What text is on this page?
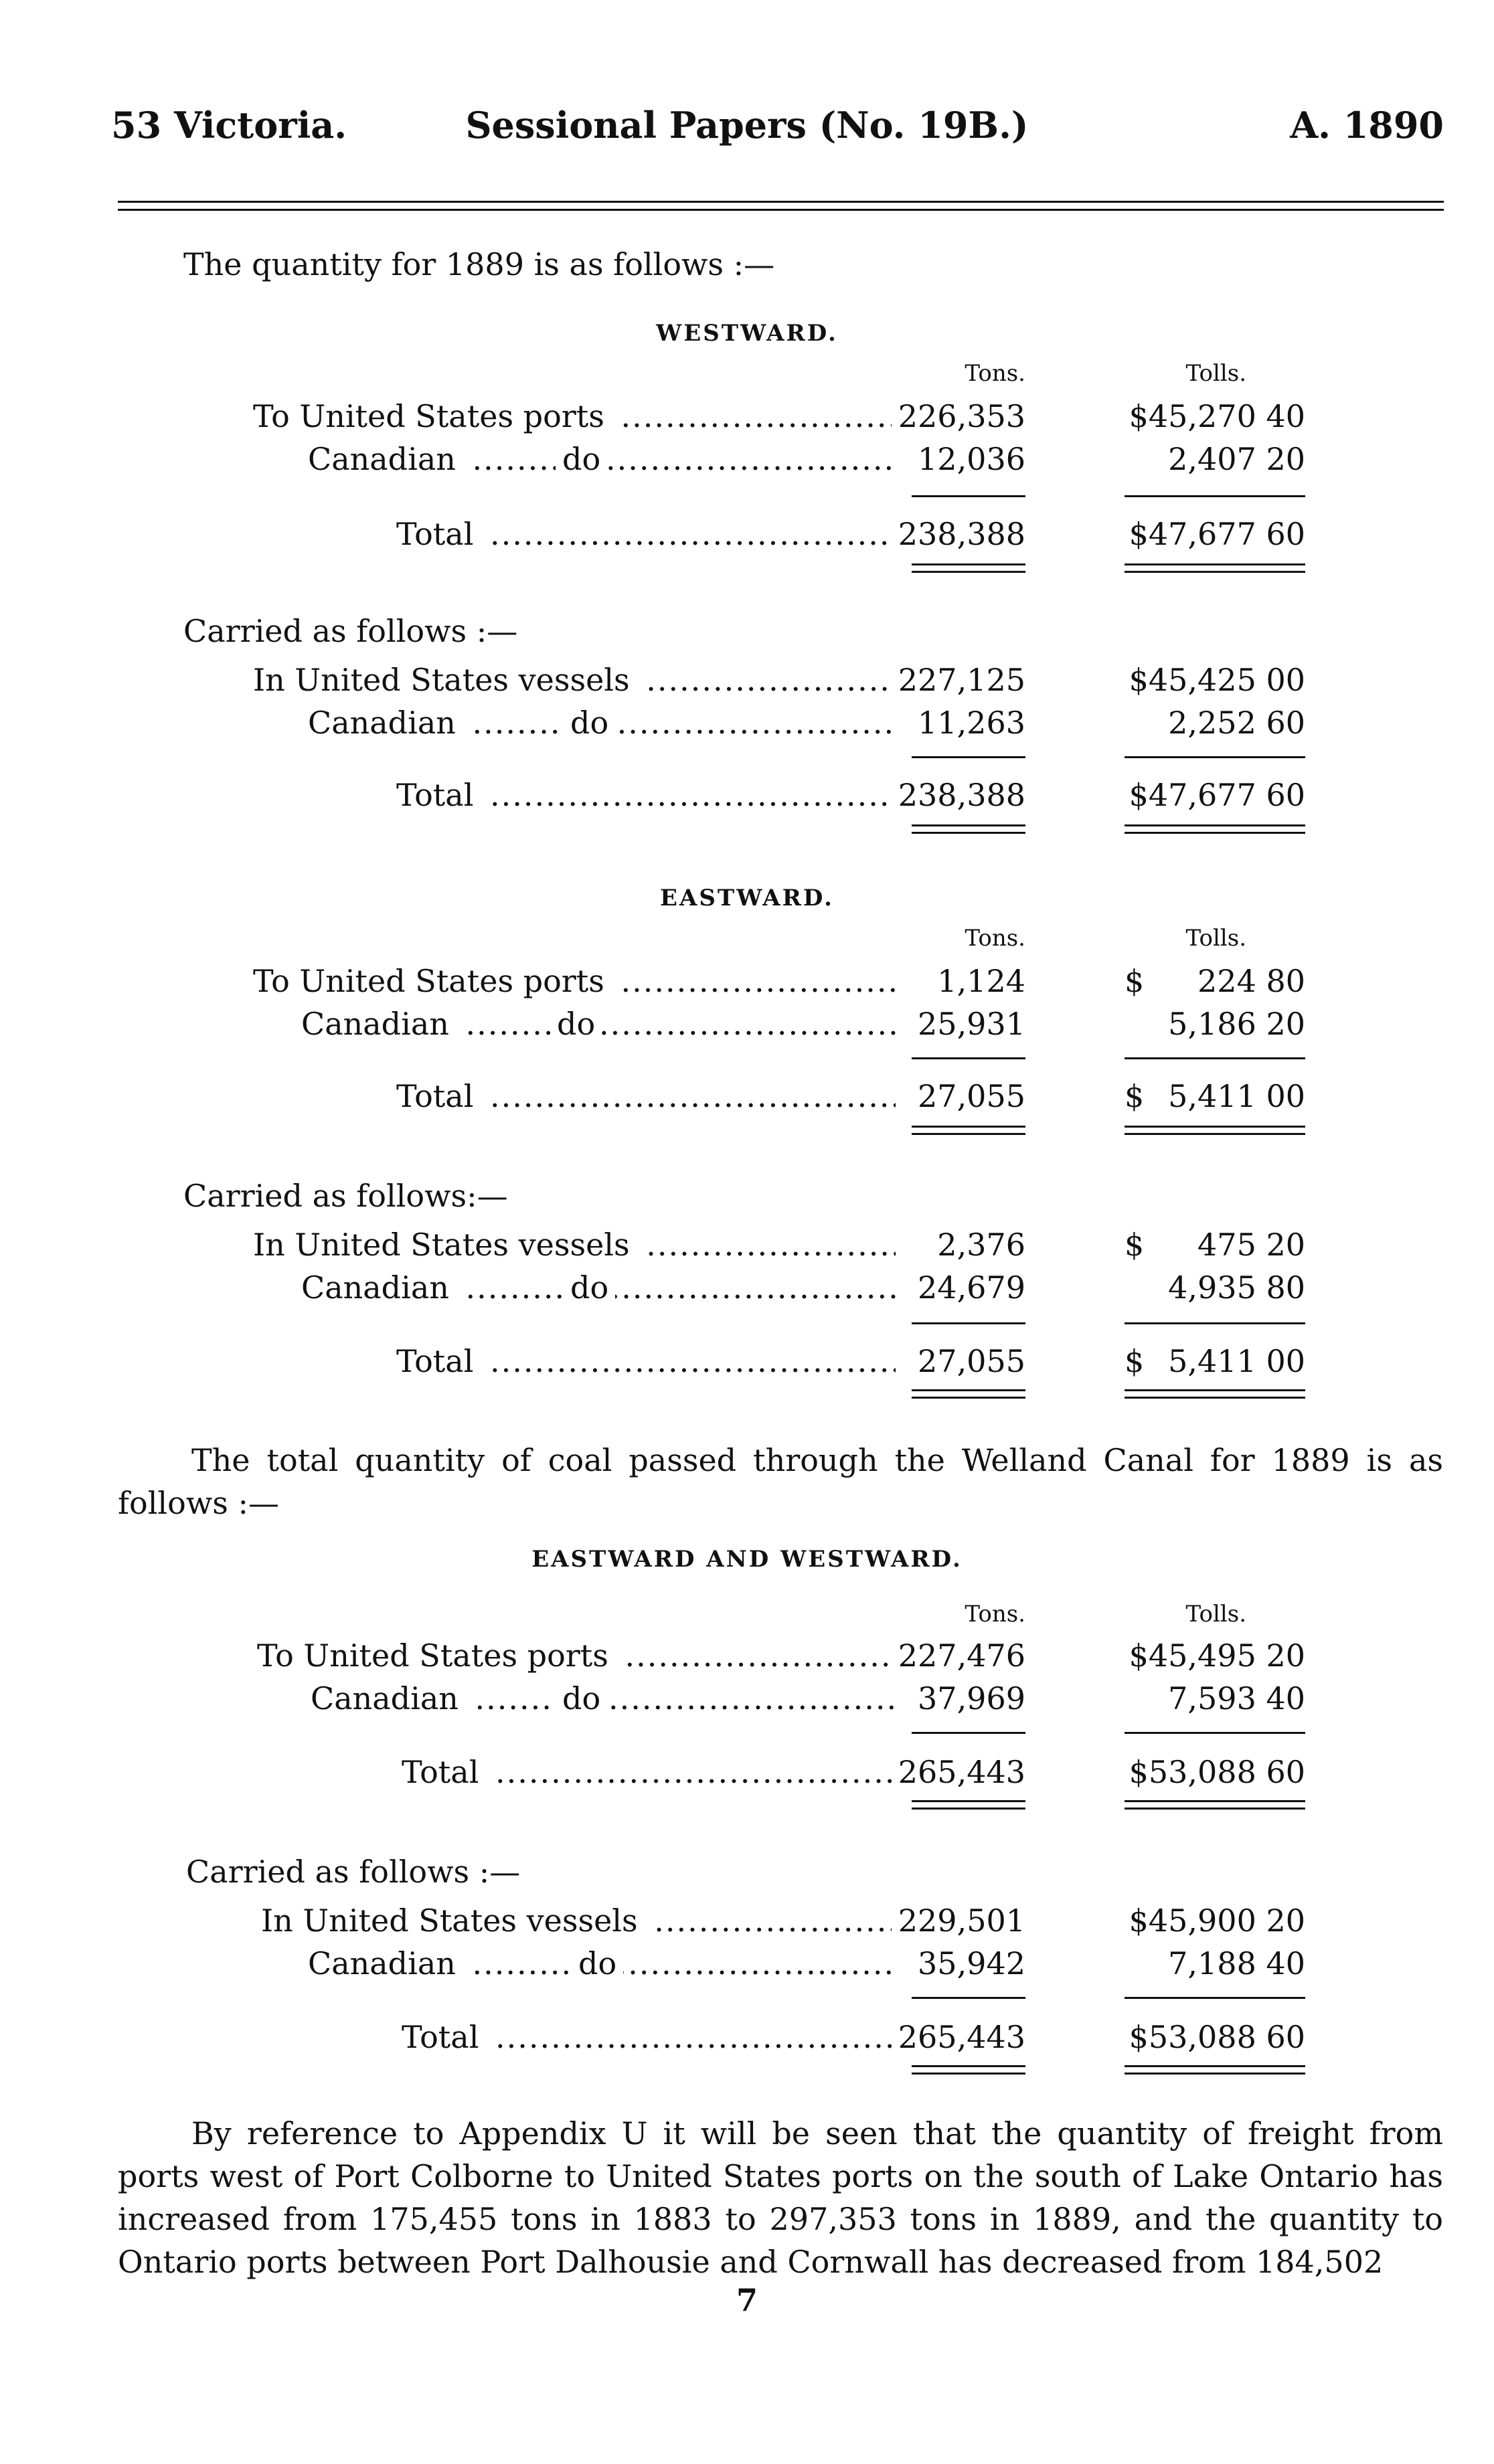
53 Victoria.	Sessional Papers (No. 19B.)	A. 1890
The quantity for 1889 is as follows :—
WESTWARD.
Tons.	Tolls.
To United States ports .....	226,353	$45,270 40
Canadian .....	do	12,036	2,407 20
Total .....	238,388	$47,677 60
Carried as follows :—
In United States vessels .....	227,125	$45,425 00
Canadian .....	do	11,263	2,252 60
Total .....	238,388	$47,677 60
EASTWARD.
Tons.	Tolls.
To United States ports .....	1,124	$ 224 80
Canadian .....	do	25,931	5,186 20
Total .....	27,055	$ 5,411 00
Carried as follows:—
In United States vessels .....	2,376	$ 475 20
Canadian .....	do	24,679	4,935 80
Total .....	27,055	$ 5,411 00
The total quantity of coal passed through the Welland Canal for 1889 is as follows :—
EASTWARD AND WESTWARD.
Tons.	Tolls.
To United States ports .....	227,476	$45,495 20
Canadian .....	do	37,969	7,593 40
Total .....	265,443	$53,088 60
Carried as follows :—
In United States vessels .....	229,501	$45,900 20
Canadian .....	do	35,942	7,188 40
Total .....	265,443	$53,088 60
By reference to Appendix U it will be seen that the quantity of freight from ports west of Port Colborne to United States ports on the south of Lake Ontario has increased from 175,455 tons in 1883 to 297,353 tons in 1889, and the quantity to Ontario ports between Port Dalhousie and Cornwall has decreased from 184,502
7
